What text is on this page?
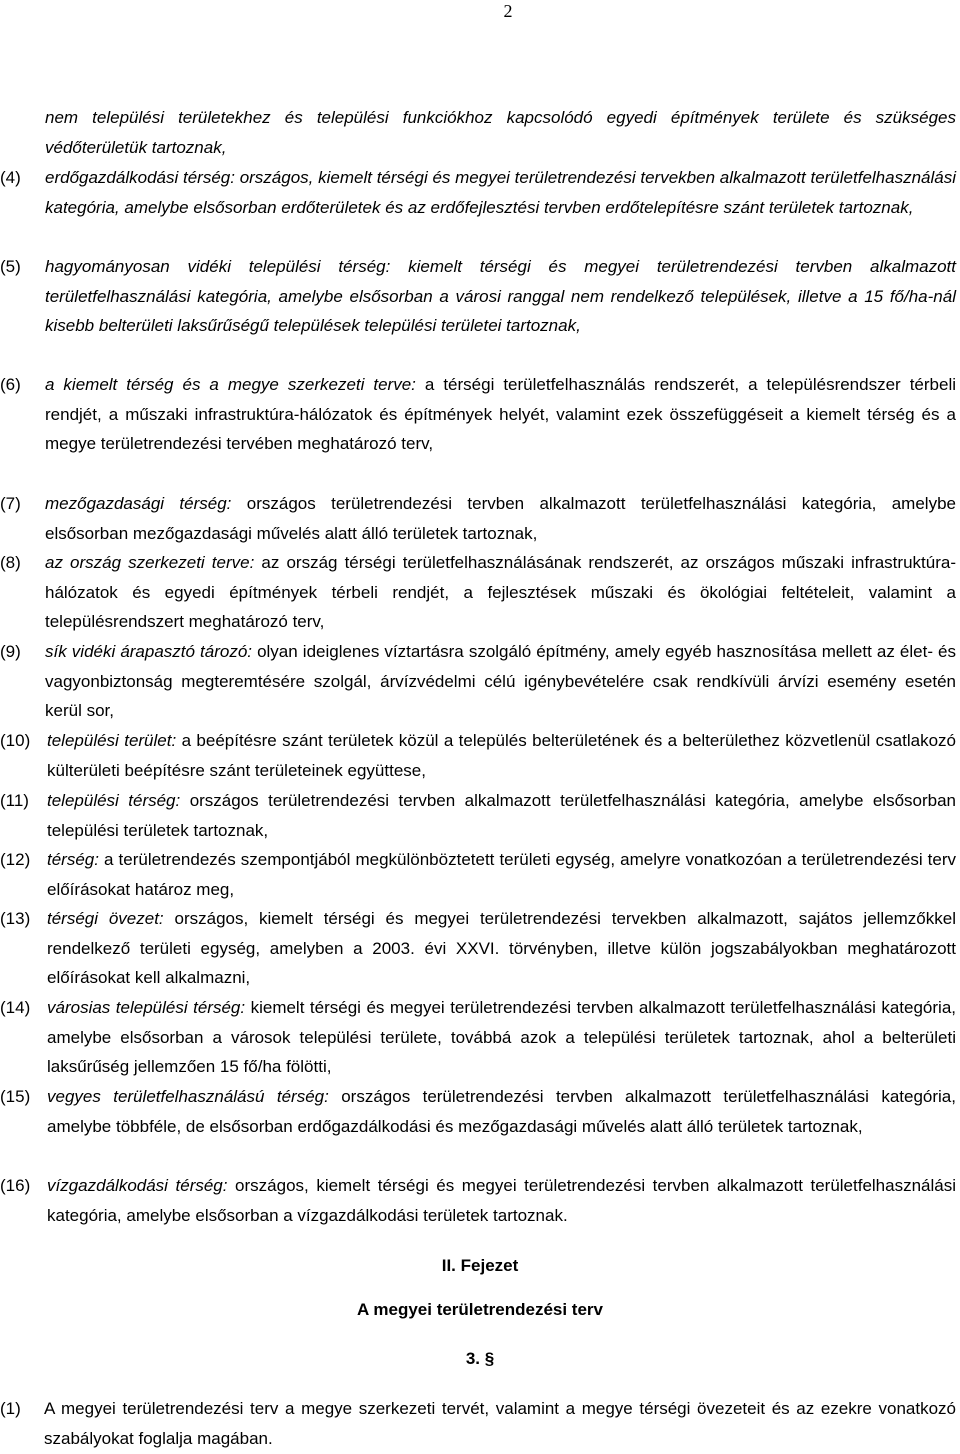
2
nem települési területekhez és települési funkciókhoz kapcsolódó egyedi építmények területe és szükséges védőterületük tartoznak,
(4) erdőgazdálkodási térség: országos, kiemelt térségi és megyei területrendezési tervekben alkalmazott területfelhasználási kategória, amelybe elsősorban erdőterületek és az erdőfejlesztési tervben erdőtelepítésre szánt területek tartoznak,
(5) hagyományosan vidéki települési térség: kiemelt térségi és megyei területrendezési tervben alkalmazott területfelhasználási kategória, amelybe elsősorban a városi ranggal nem rendelkező települések, illetve a 15 fő/ha-nál kisebb belterületi laksűrűségű települések települési területei tartoznak,
(6) a kiemelt térség és a megye szerkezeti terve: a térségi területfelhasználás rendszerét, a településrendszer térbeli rendjét, a műszaki infrastruktúra-hálózatok és építmények helyét, valamint ezek összefüggéseit a kiemelt térség és a megye területrendezési tervében meghatározó terv,
(7) mezőgazdasági térség: országos területrendezési tervben alkalmazott területfelhasználási kategória, amelybe elsősorban mezőgazdasági művelés alatt álló területek tartoznak,
(8) az ország szerkezeti terve: az ország térségi területfelhasználásának rendszerét, az országos műszaki infrastruktúra-hálózatok és egyedi építmények térbeli rendjét, a fejlesztések műszaki és ökológiai feltételeit, valamint a településrendszert meghatározó terv,
(9) sík vidéki árapasztó tározó: olyan ideiglenes víztartásra szolgáló építmény, amely egyéb hasznosítása mellett az élet- és vagyonbiztonság megteremtésére szolgál, árvízvédelmi célú igénybevételére csak rendkívüli árvízi esemény esetén kerül sor,
(10) települési terület: a beépítésre szánt területek közül a település belterületének és a belterülethez közvetlenül csatlakozó külterületi beépítésre szánt területeinek együttese,
(11) települési térség: országos területrendezési tervben alkalmazott területfelhasználási kategória, amelybe elsősorban települési területek tartoznak,
(12) térség: a területrendezés szempontjából megkülönböztetett területi egység, amelyre vonatkozóan a területrendezési terv előírásokat határoz meg,
(13) térségi övezet: országos, kiemelt térségi és megyei területrendezési tervekben alkalmazott, sajátos jellemzőkkel rendelkező területi egység, amelyben a 2003. évi XXVI. törvényben, illetve külön jogszabályokban meghatározott előírásokat kell alkalmazni,
(14) városias települési térség: kiemelt térségi és megyei területrendezési tervben alkalmazott területfelhasználási kategória, amelybe elsősorban a városok települési területe, továbbá azok a települési területek tartoznak, ahol a belterületi laksűrűség jellemzően 15 fő/ha fölötti,
(15) vegyes területfelhasználású térség: országos területrendezési tervben alkalmazott területfelhasználási kategória, amelybe többféle, de elsősorban erdőgazdálkodási és mezőgazdasági művelés alatt álló területek tartoznak,
(16) vízgazdálkodási térség: országos, kiemelt térségi és megyei területrendezési tervben alkalmazott területfelhasználási kategória, amelybe elsősorban a vízgazdálkodási területek tartoznak.
II. Fejezet
A megyei területrendezési terv
3. §
(1) A megyei területrendezési terv a megye szerkezeti tervét, valamint a megye térségi övezeteit és az ezekre vonatkozó szabályokat foglalja magában.
